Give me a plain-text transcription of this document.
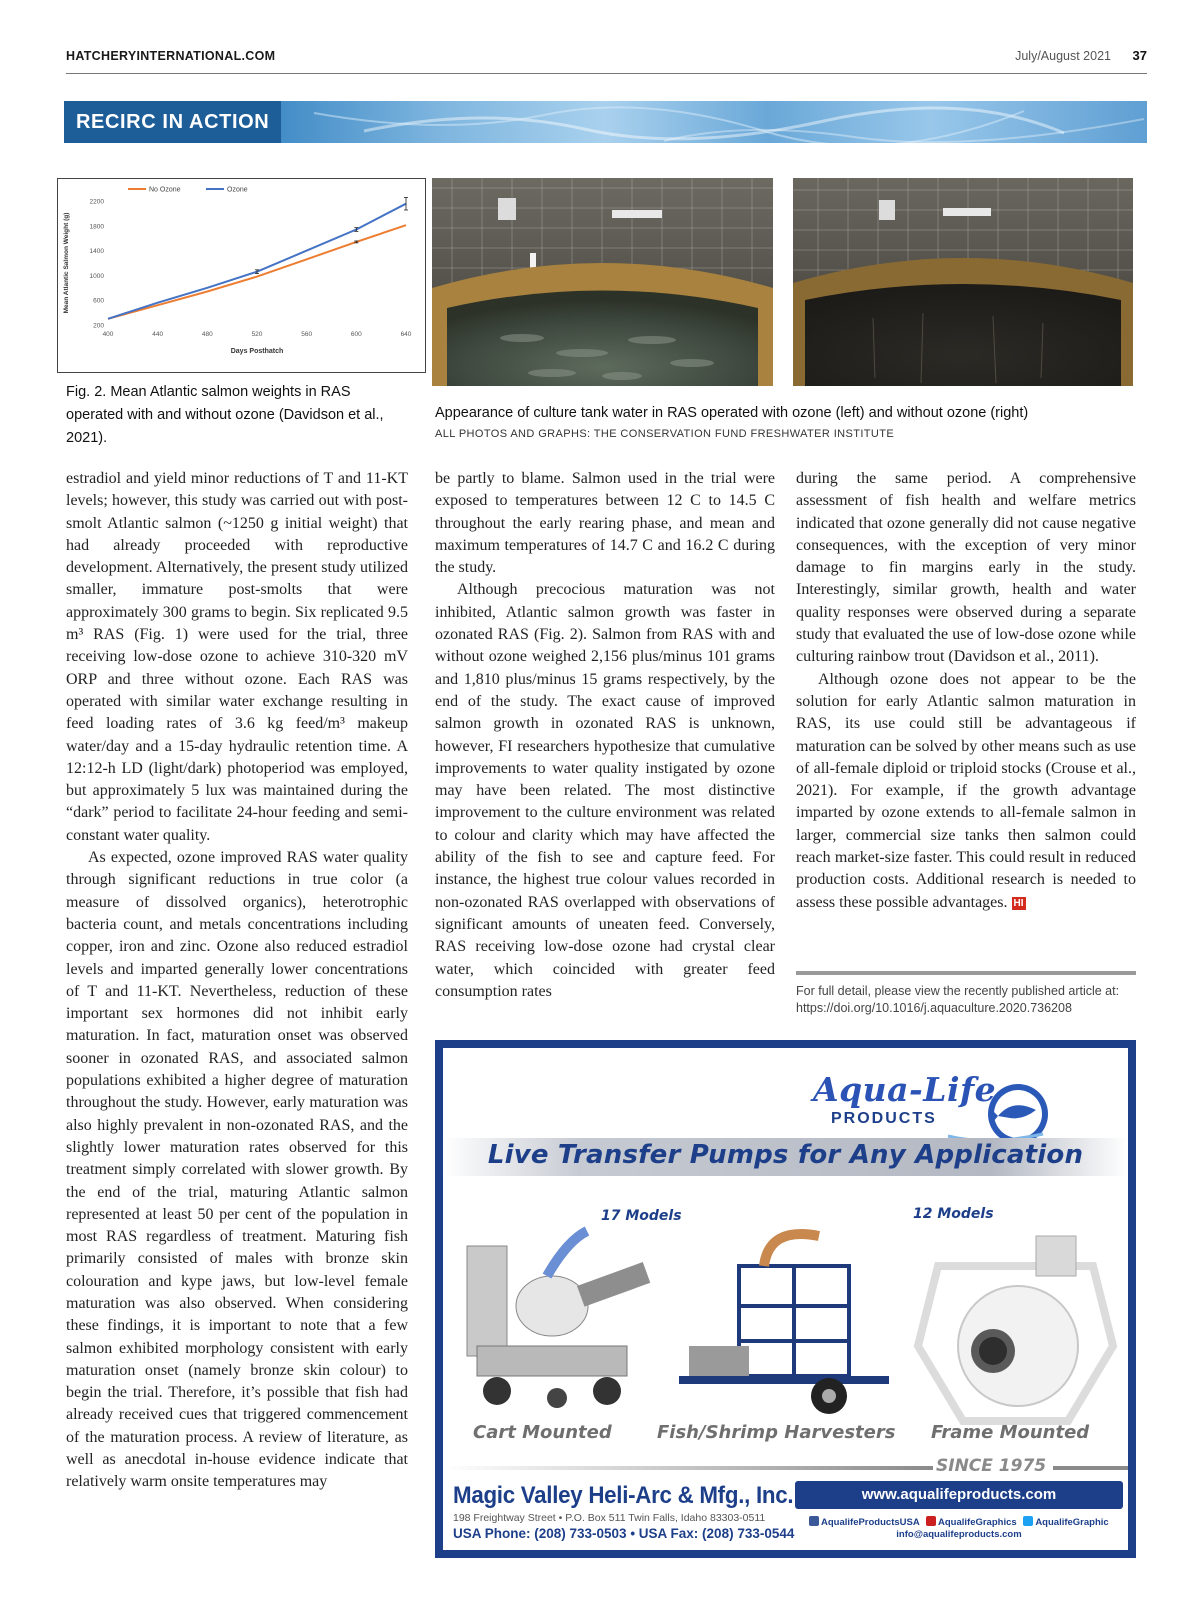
HATCHERYINTERNATIONAL.COM	July/August 2021 37
RECIRC IN ACTION
200
600
1000
1400
1800
2200
400	440	480	520	560	600	640
Days Posthatch
Mean Atlantic Salmon Weight (g)
No Ozone	Ozone
Fig. 2. Mean Atlantic salmon weights in RAS operated with and without ozone (Davidson et al., 2021).
Appearance of culture tank water in RAS operated with ozone (left) and without ozone (right)
ALL PHOTOS AND GRAPHS: THE CONSERVATION FUND FRESHWATER INSTITUTE

estradiol and yield minor reductions of T and 11-KT levels; however, this study was carried out with post-smolt Atlantic salmon (~1250 g initial weight) that had already proceeded with reproductive development. Alternatively, the present study utilized smaller, immature post-smolts that were approximately 300 grams to begin. Six replicated 9.5 m³ RAS (Fig. 1) were used for the trial, three receiving low-dose ozone to achieve 310-320 mV ORP and three without ozone. Each RAS was operated with similar water exchange resulting in feed loading rates of 3.6 kg feed/m³ makeup water/day and a 15-day hydraulic retention time. A 12:12-h LD (light/dark) photoperiod was employed, but approximately 5 lux was maintained during the “dark” period to facilitate 24-hour feeding and semi-constant water quality.

As expected, ozone improved RAS water quality through significant reductions in true color (a measure of dissolved organics), heterotrophic bacteria count, and metals concentrations including copper, iron and zinc. Ozone also reduced estradiol levels and imparted generally lower concentrations of T and 11-KT. Nevertheless, reduction of these important sex hormones did not inhibit early maturation. In fact, maturation onset was observed sooner in ozonated RAS, and associated salmon populations exhibited a higher degree of maturation throughout the study. However, early maturation was also highly prevalent in non-ozonated RAS, and the slightly lower maturation rates observed for this treatment simply correlated with slower growth. By the end of the trial, maturing Atlantic salmon represented at least 50 per cent of the population in most RAS regardless of treatment. Maturing fish primarily consisted of males with bronze skin colouration and kype jaws, but low-level female maturation was also observed. When considering these findings, it is important to note that a few salmon exhibited morphology consistent with early maturation onset (namely bronze skin colour) to begin the trial. Therefore, it’s possible that fish had already received cues that triggered commencement of the maturation process. A review of literature, as well as anecdotal in-house evidence indicate that relatively warm onsite temperatures may

be partly to blame. Salmon used in the trial were exposed to temperatures between 12 C to 14.5 C throughout the early rearing phase, and mean and maximum temperatures of 14.7 C and 16.2 C during the study.

Although precocious maturation was not inhibited, Atlantic salmon growth was faster in ozonated RAS (Fig. 2). Salmon from RAS with and without ozone weighed 2,156 plus/minus 101 grams and 1,810 plus/minus 15 grams respectively, by the end of the study. The exact cause of improved salmon growth in ozonated RAS is unknown, however, FI researchers hypothesize that cumulative improvements to water quality instigated by ozone may have been related. The most distinctive improvement to the culture environment was related to colour and clarity which may have affected the ability of the fish to see and capture feed. For instance, the highest true colour values recorded in non-ozonated RAS overlapped with observations of significant amounts of uneaten feed. Conversely, RAS receiving low-dose ozone had crystal clear water, which coincided with greater feed consumption rates

during the same period. A comprehensive assessment of fish health and welfare metrics indicated that ozone generally did not cause negative consequences, with the exception of very minor damage to fin margins early in the study. Interestingly, similar growth, health and water quality responses were observed during a separate study that evaluated the use of low-dose ozone while culturing rainbow trout (Davidson et al., 2011).

Although ozone does not appear to be the solution for early Atlantic salmon maturation in RAS, its use could still be advantageous if maturation can be solved by other means such as use of all-female diploid or triploid stocks (Crouse et al., 2021). For example, if the growth advantage imparted by ozone extends to all-female salmon in larger, commercial size tanks then salmon could reach market-size faster. This could result in reduced production costs. Additional research is needed to assess these possible advantages. HI

For full detail, please view the recently published article at: https://doi.org/10.1016/j.aquaculture.2020.736208
Aqua-Life
PRODUCTS
Live Transfer Pumps for Any Application
17 Models	12 Models
Cart Mounted	Fish/Shrimp Harvesters Frame Mounted
SINCE 1975
Magic Valley Heli-Arc & Mfg., Inc.
198 Freightway Street • P.O. Box 511 Twin Falls, Idaho 83303-0511
USA Phone: (208) 733-0503 • USA Fax: (208) 733-0544
www.aqualifeproducts.com
AqualifeProductsUSA AqualifeGraphics AqualifeGraphic
info@aqualifeproducts.com
